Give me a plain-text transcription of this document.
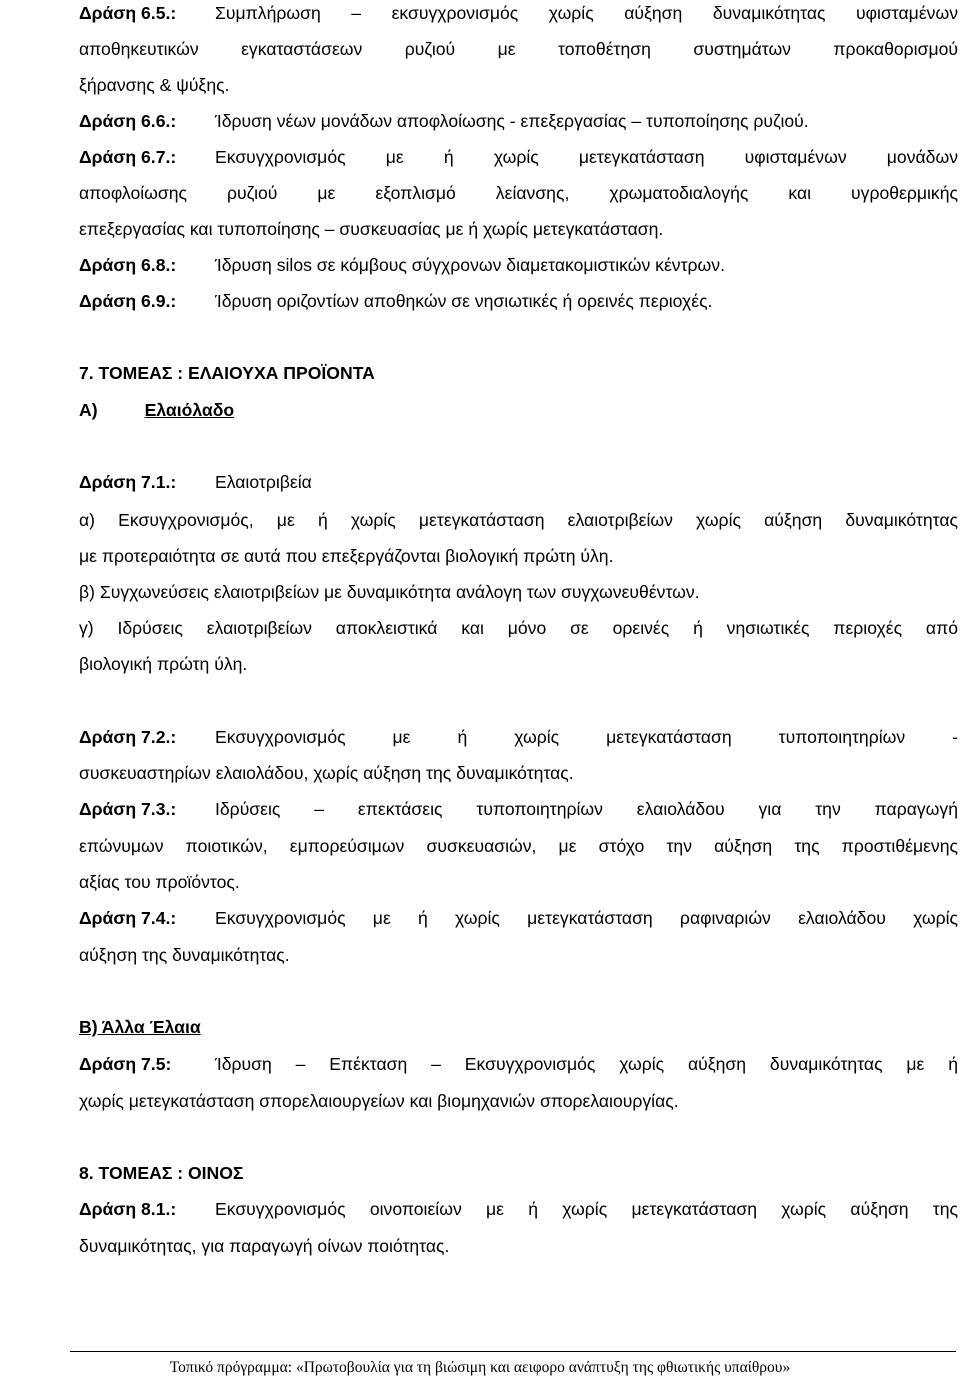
Δράση 6.5.: Συμπλήρωση – εκσυγχρονισμός χωρίς αύξηση δυναμικότητας υφισταμένων
αποθηκευτικών εγκαταστάσεων ρυζιού με τοποθέτηση συστημάτων προκαθορισμού
ξήρανσης & ψύξης.
Δράση 6.6.: Ίδρυση νέων μονάδων αποφλοίωσης - επεξεργασίας – τυποποίησης ρυζιού.
Δράση 6.7.: Εκσυγχρονισμός με ή χωρίς μετεγκατάσταση υφισταμένων μονάδων
αποφλοίωσης ρυζιού με εξοπλισμό λείανσης, χρωματοδιαλογής και υγροθερμικής
επεξεργασίας και τυποποίησης – συσκευασίας με ή χωρίς μετεγκατάσταση.
Δράση 6.8.: Ίδρυση silos σε κόμβους σύγχρονων διαμετακομιστικών κέντρων.
Δράση 6.9.: Ίδρυση οριζοντίων αποθηκών σε νησιωτικές ή ορεινές περιοχές.
7. ΤΟΜΕΑΣ : ΕΛΑΙΟΥΧΑ ΠΡΟΪΟΝΤΑ
Α)	Ελαιόλαδο
Δράση 7.1.: Ελαιοτριβεία
α) Εκσυγχρονισμός, με ή χωρίς μετεγκατάσταση ελαιοτριβείων χωρίς αύξηση δυναμικότητας
με προτεραιότητα σε αυτά που επεξεργάζονται βιολογική πρώτη ύλη.
β) Συγχωνεύσεις ελαιοτριβείων με δυναμικότητα ανάλογη των συγχωνευθέντων.
γ) Ιδρύσεις ελαιοτριβείων αποκλειστικά και μόνο σε ορεινές ή νησιωτικές περιοχές από
βιολογική πρώτη ύλη.
Δράση 7.2.: Εκσυγχρονισμός με ή χωρίς μετεγκατάσταση τυποποιητηρίων -
συσκευαστηρίων ελαιολάδου, χωρίς αύξηση της δυναμικότητας.
Δράση 7.3.: Ιδρύσεις – επεκτάσεις τυποποιητηρίων ελαιολάδου για την παραγωγή
επώνυμων ποιοτικών, εμπορεύσιμων συσκευασιών, με στόχο την αύξηση της προστιθέμενης
αξίας του προϊόντος.
Δράση 7.4.: Εκσυγχρονισμός με ή χωρίς μετεγκατάσταση ραφιναριών ελαιολάδου χωρίς
αύξηση της δυναμικότητας.
Β) Άλλα Έλαια
Δράση 7.5: Ίδρυση – Επέκταση – Εκσυγχρονισμός χωρίς αύξηση δυναμικότητας με ή
χωρίς μετεγκατάσταση σπορελαιουργείων και βιομηχανιών σπορελαιουργίας.
8. ΤΟΜΕΑΣ : ΟΙΝΟΣ
Δράση 8.1.: Εκσυγχρονισμός οινοποιείων με ή χωρίς μετεγκατάσταση χωρίς αύξηση της
δυναμικότητας, για παραγωγή οίνων ποιότητας.
Τοπικό πρόγραμμα: «Πρωτοβουλία για τη βιώσιμη και αειφορο ανάπτυξη της φθιωτικής υπαίθρου»
